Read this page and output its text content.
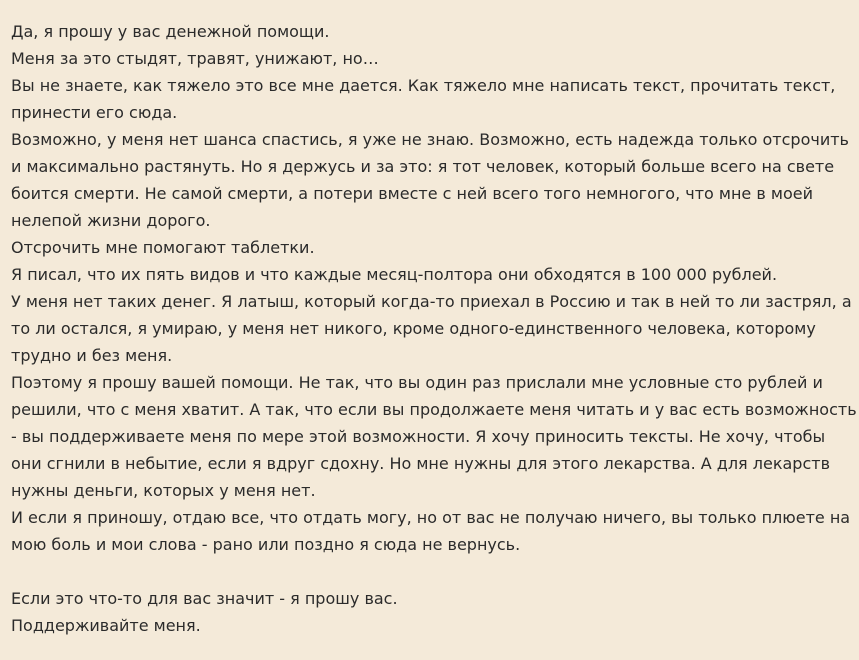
Да, я прошу у вас денежной помощи.

Меня за это стыдят, травят, унижают, но…

Вы не знаете, как тяжело это все мне дается. Как тяжело мне написать текст, прочитать текст,

принести его сюда.

Возможно, у меня нет шанса спастись, я уже не знаю. Возможно, есть надежда только отсрочить

и максимально растянуть. Но я держусь и за это: я тот человек, который больше всего на свете

боится смерти. Не самой смерти, а потери вместе с ней всего того немногого, что мне в моей

нелепой жизни дорого.

Отсрочить мне помогают таблетки.

Я писал, что их пять видов и что каждые месяц-полтора они обходятся в 100 000 рублей.

У меня нет таких денег. Я латыш, который когда-то приехал в Россию и так в ней то ли застрял, а

то ли остался, я умираю, у меня нет никого, кроме одного-единственного человека, которому

трудно и без меня.

Поэтому я прошу вашей помощи. Не так, что вы один раз прислали мне условные сто рублей и

решили, что с меня хватит. А так, что если вы продолжаете меня читать и у вас есть возможность

- вы поддерживаете меня по мере этой возможности. Я хочу приносить тексты. Не хочу, чтобы

они сгнили в небытие, если я вдруг сдохну. Но мне нужны для этого лекарства. А для лекарств

нужны деньги, которых у меня нет.

И если я приношу, отдаю все, что отдать могу, но от вас не получаю ничего, вы только плюете на

мою боль и мои слова - рано или поздно я сюда не вернусь.

Если это что-то для вас значит - я прошу вас.

Поддерживайте меня.
